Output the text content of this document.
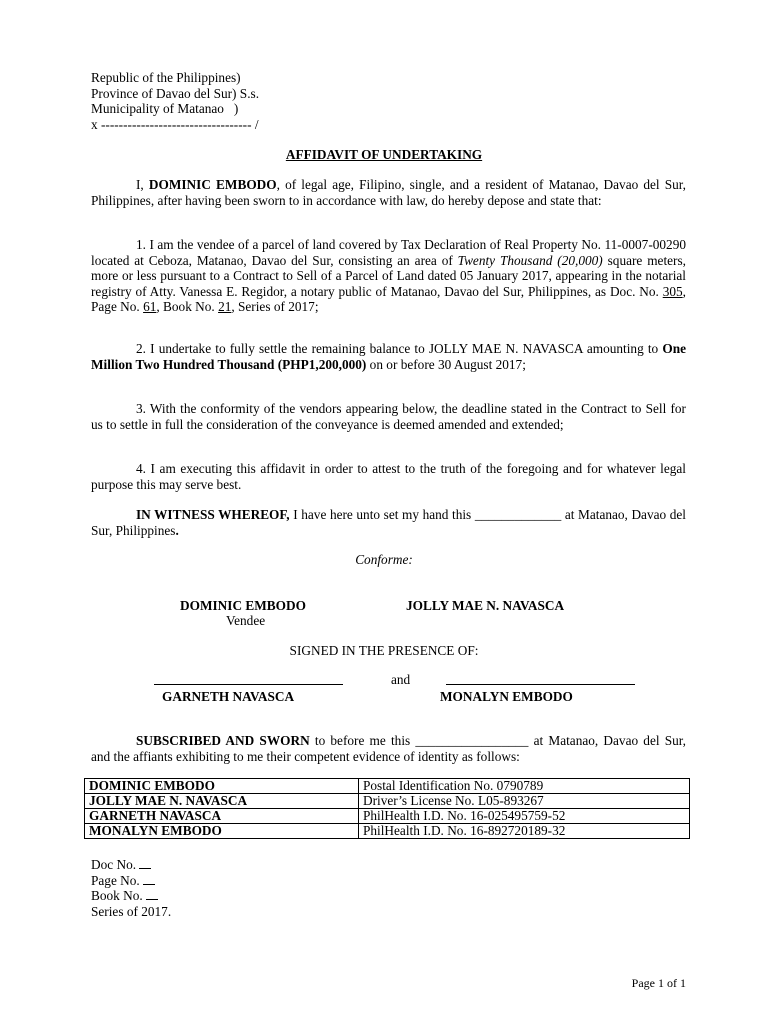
Republic of the Philippines)
Province of Davao del Sur) S.s.
Municipality of Matanao   )
x ---------------------------------- /
AFFIDAVIT OF UNDERTAKING

I, DOMINIC EMBODO, of legal age, Filipino, single, and a resident of Matanao, Davao del Sur, Philippines, after having been sworn to in accordance with law, do hereby depose and state that:

1. I am the vendee of a parcel of land covered by Tax Declaration of Real Property No. 11-0007-00290 located at Ceboza, Matanao, Davao del Sur, consisting an area of Twenty Thousand (20,000) square meters, more or less pursuant to a Contract to Sell of a Parcel of Land dated 05 January 2017, appearing in the notarial registry of Atty. Vanessa E. Regidor, a notary public of Matanao, Davao del Sur, Philippines, as Doc. No. 305, Page No. 61, Book No. 21, Series of 2017;

2. I undertake to fully settle the remaining balance to JOLLY MAE N. NAVASCA amounting to One Million Two Hundred Thousand (PHP1,200,000) on or before 30 August 2017;

3. With the conformity of the vendors appearing below, the deadline stated in the Contract to Sell for us to settle in full the consideration of the conveyance is deemed amended and extended;

4. I am executing this affidavit in order to attest to the truth of the foregoing and for whatever legal purpose this may serve best.

IN WITNESS WHEREOF, I have here unto set my hand this _____________ at Matanao, Davao del Sur, Philippines.

Conforme:
DOMINIC EMBODO
Vendee
JOLLY MAE N. NAVASCA
SIGNED IN THE PRESENCE OF:
and
GARNETH NAVASCA	MONALYN EMBODO

SUBSCRIBED AND SWORN to before me this _________________ at Matanao, Davao del Sur, and the affiants exhibiting to me their competent evidence of identity as follows:

DOMINIC EMBODO	Postal Identification No. 0790789
JOLLY MAE N. NAVASCA	Driver’s License No. L05-893267
GARNETH NAVASCA	PhilHealth I.D. No. 16-025495759-52
MONALYN EMBODO	PhilHealth I.D. No. 16-892720189-32
Doc No.
Page No.
Book No.
Series of 2017.
Page 1 of 1
